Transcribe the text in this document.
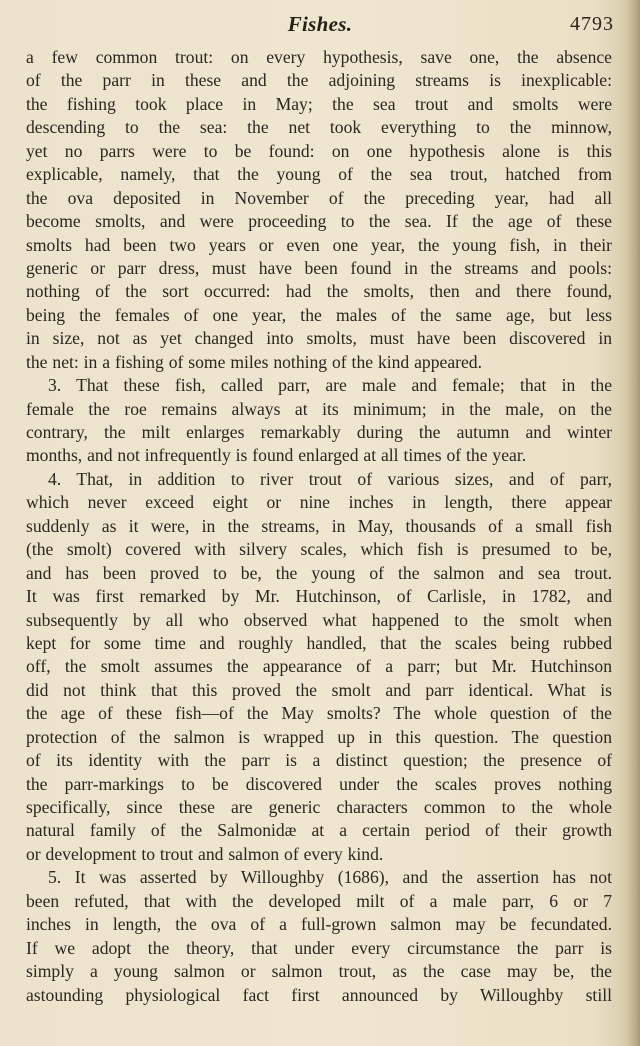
Fishes.	4793
a few common trout: on every hypothesis, save one, the absence
of the parr in these and the adjoining streams is inexplicable:
the fishing took place in May; the sea trout and smolts were
descending to the sea: the net took everything to the minnow,
yet no parrs were to be found: on one hypothesis alone is this
explicable, namely, that the young of the sea trout, hatched from
the ova deposited in November of the preceding year, had all
become smolts, and were proceeding to the sea. If the age of these
smolts had been two years or even one year, the young fish, in their
generic or parr dress, must have been found in the streams and pools:
nothing of the sort occurred: had the smolts, then and there found,
being the females of one year, the males of the same age, but less
in size, not as yet changed into smolts, must have been discovered in
the net: in a fishing of some miles nothing of the kind appeared.
3. That these fish, called parr, are male and female; that in the
female the roe remains always at its minimum; in the male, on the
contrary, the milt enlarges remarkably during the autumn and winter
months, and not infrequently is found enlarged at all times of the year.
4. That, in addition to river trout of various sizes, and of parr,
which never exceed eight or nine inches in length, there appear
suddenly as it were, in the streams, in May, thousands of a small fish
(the smolt) covered with silvery scales, which fish is presumed to be,
and has been proved to be, the young of the salmon and sea trout.
It was first remarked by Mr. Hutchinson, of Carlisle, in 1782, and
subsequently by all who observed what happened to the smolt when
kept for some time and roughly handled, that the scales being rubbed
off, the smolt assumes the appearance of a parr; but Mr. Hutchinson
did not think that this proved the smolt and parr identical. What is
the age of these fish—of the May smolts? The whole question of the
protection of the salmon is wrapped up in this question. The question
of its identity with the parr is a distinct question; the presence of
the parr-markings to be discovered under the scales proves nothing
specifically, since these are generic characters common to the whole
natural family of the Salmonidæ at a certain period of their growth
or development to trout and salmon of every kind.
5. It was asserted by Willoughby (1686), and the assertion has not
been refuted, that with the developed milt of a male parr, 6 or 7
inches in length, the ova of a full-grown salmon may be fecundated.
If we adopt the theory, that under every circumstance the parr is
simply a young salmon or salmon trout, as the case may be, the
astounding physiological fact first announced by Willoughby still
